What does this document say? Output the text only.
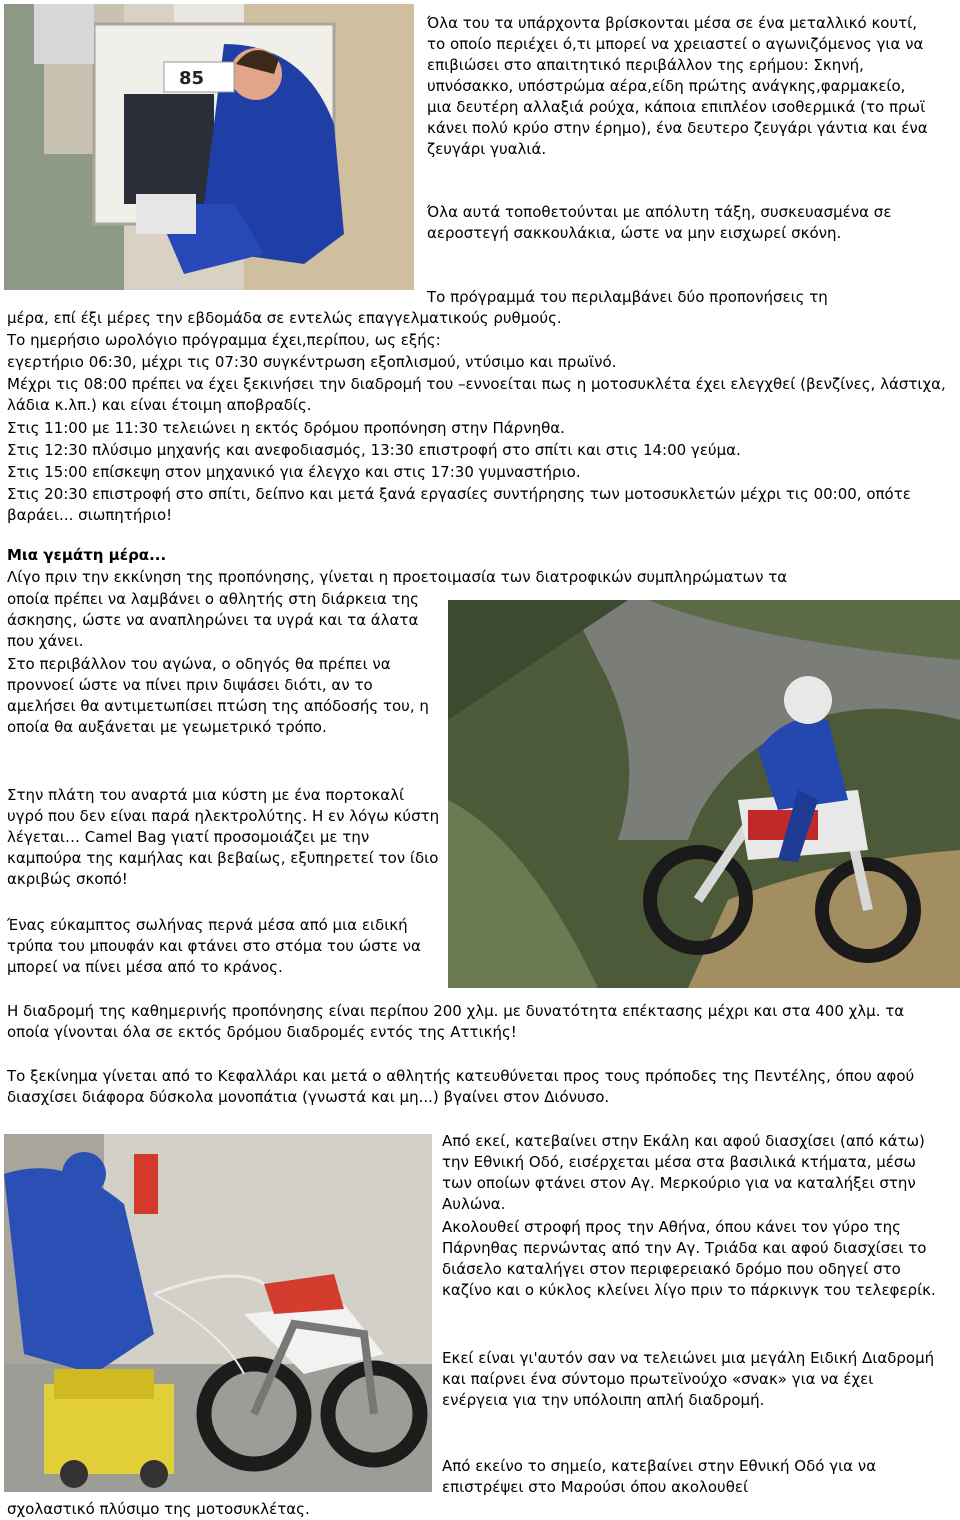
85

Όλα του τα υπάρχοντα βρίσκονται μέσα σε ένα μεταλλικό κουτί, το οποίο περιέχει ό,τι μπορεί να χρειαστεί ο αγωνιζόμενος για να επιβιώσει στο απαιτητικό περιβάλλον της ερήμου: Σκηνή, υπνόσακκο, υπόστρώμα αέρα,είδη πρώτης ανάγκης,φαρμακείο, μια δευτέρη αλλαξιά ρούχα, κάποια επιπλέον ισοθερμικά (το πρωϊ κάνει πολύ κρύο στην έρημο), ένα δευτερο ζευγάρι γάντια και ένα ζευγάρι γυαλιά.

Όλα αυτά τοποθετούνται με απόλυτη τάξη, συσκευασμένα σε αεροστεγή σακκουλάκια, ώστε να μην εισχωρεί σκόνη.

Το πρόγραμμά του περιλαμβάνει δύο προπονήσεις τη

μέρα, επί έξι μέρες την εβδομάδα σε εντελώς επαγγελματικούς ρυθμούς.

Το ημερήσιο ωρολόγιο πρόγραμμα έχει,περίπου, ως εξής:

εγερτήριο 06:30, μέχρι τις 07:30 συγκέντρωση εξοπλισμού, ντύσιμο και πρωϊνό.

Μέχρι τις 08:00 πρέπει να έχει ξεκινήσει την διαδρομή του –εννοείται πως η μοτοσυκλέτα έχει ελεγχθεί (βενζίνες, λάστιχα, λάδια κ.λπ.) και είναι έτοιμη αποβραδίς.

Στις 11:00 με 11:30 τελειώνει η εκτός δρόμου προπόνηση στην Πάρνηθα.

Στις 12:30 πλύσιμο μηχανής και ανεφοδιασμός, 13:30 επιστροφή στο σπίτι και στις 14:00 γεύμα.

Στις 15:00 επίσκεψη στον μηχανικό για έλεγχο και στις 17:30 γυμναστήριο.

Στις 20:30 επιστροφή στο σπίτι, δείπνο και μετά ξανά εργασίες συντήρησης των μοτοσυκλετών μέχρι τις 00:00, οπότε βαράει... σιωπητήριο!

Μια γεμάτη μέρα...

Λίγο πριν την εκκίνηση της προπόνησης, γίνεται η προετοιμασία των διατροφικών συμπληρώματων τα

οποία πρέπει να λαμβάνει ο αθλητής στη διάρκεια της άσκησης, ώστε να αναπληρώνει τα υγρά και τα άλατα που χάνει.

Στο περιβάλλον του αγώνα, ο οδηγός θα πρέπει να προννοεί ώστε να πίνει πριν διψάσει διότι, αν το αμελήσει θα αντιμετωπίσει πτώση της απόδοσής του, η οποία θα αυξάνεται με γεωμετρικό τρόπο.

Στην πλάτη του αναρτά μια κύστη με ένα πορτοκαλί υγρό που δεν είναι παρά ηλεκτρολύτης. Η εν λόγω κύστη λέγεται… Camel Bag γιατί προσομοιάζει με την καμπούρα της καμήλας και βεβαίως, εξυπηρετεί τον ίδιο ακριβώς σκοπό!

Ένας εύκαμπτος σωλήνας περνά μέσα από μια ειδική τρύπα του μπουφάν και φτάνει στο στόμα του ώστε να μπορεί να πίνει μέσα από το κράνος.

Η διαδρομή της καθημερινής προπόνησης είναι περίπου 200 χλμ. με δυνατότητα επέκτασης μέχρι και στα 400 χλμ. τα οποία γίνονται όλα σε εκτός δρόμου διαδρομές εντός της Αττικής!

Το ξεκίνημα γίνεται από το Κεφαλλάρι και μετά ο αθλητής κατευθύνεται προς τους πρόποδες της Πεντέλης, όπου αφού διασχίσει διάφορα δύσκολα μονοπάτια (γνωστά και μη...) βγαίνει στον Διόνυσο.

Από εκεί, κατεβαίνει στην Εκάλη και αφού διασχίσει (από κάτω) την Εθνική Οδό, εισέρχεται μέσα στα βασιλικά κτήματα, μέσω των οποίων φτάνει στον Αγ. Μερκούριο για να καταλήξει στην Αυλώνα.

Ακολουθεί στροφή προς την Αθήνα, όπου κάνει τον γύρο της Πάρνηθας περνώντας από την Αγ. Τριάδα και αφού διασχίσει το διάσελο καταλήγει στον περιφερειακό δρόμο που οδηγεί στο καζίνο και ο κύκλος κλείνει λίγο πριν το πάρκινγκ του τελεφερίκ.

Εκεί είναι γι'αυτόν σαν να τελειώνει μια μεγάλη Ειδική Διαδρομή και παίρνει ένα σύντομο πρωτεϊνούχο «σνακ» για να έχει ενέργεια για την υπόλοιπη απλή διαδρομή.

Από εκείνο το σημείο, κατεβαίνει στην Εθνική Οδό για να επιστρέψει στο Μαρούσι όπου ακολουθεί

σχολαστικό πλύσιμο της μοτοσυκλέτας.
